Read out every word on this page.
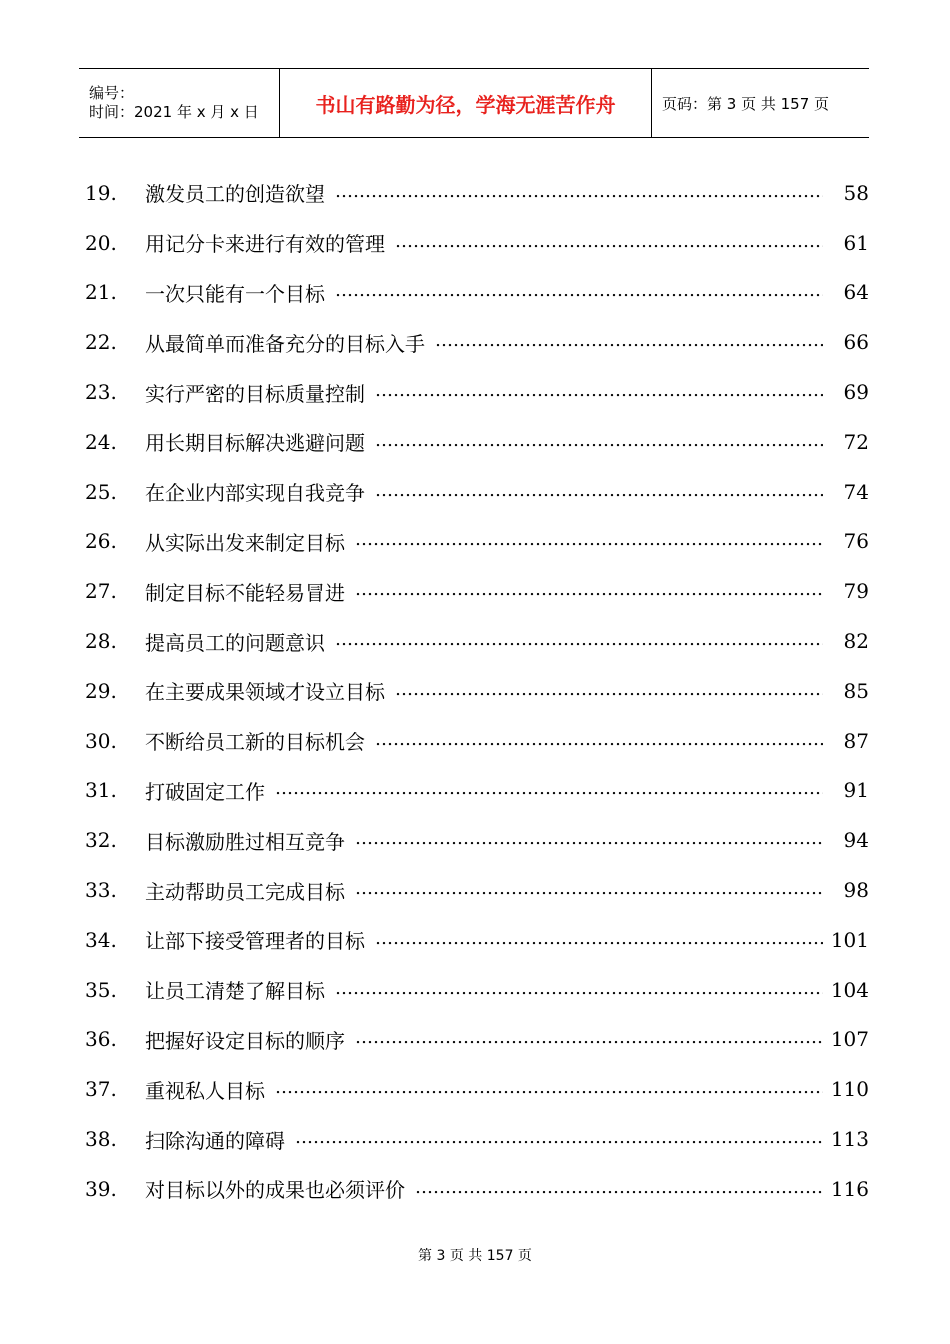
编号：
时间：2021 年 x 月 x 日	书山有路勤为径，学海无涯苦作舟	页码：第 3 页 共 157 页
19.	激发员工的创造欲望 ………………………………………………………………………………………………………………………………………………	58
20.	用记分卡来进行有效的管理 ………………………………………………………………………………………………………………………………………………	61
21.	一次只能有一个目标 ………………………………………………………………………………………………………………………………………………	64
22.	从最简单而准备充分的目标入手 ………………………………………………………………………………………………………………………………………………	66
23.	实行严密的目标质量控制 ………………………………………………………………………………………………………………………………………………	69
24.	用长期目标解决逃避问题 ………………………………………………………………………………………………………………………………………………	72
25.	在企业内部实现自我竞争 ………………………………………………………………………………………………………………………………………………	74
26.	从实际出发来制定目标 ………………………………………………………………………………………………………………………………………………	76
27.	制定目标不能轻易冒进 ………………………………………………………………………………………………………………………………………………	79
28.	提高员工的问题意识 ………………………………………………………………………………………………………………………………………………	82
29.	在主要成果领域才设立目标 ………………………………………………………………………………………………………………………………………………	85
30.	不断给员工新的目标机会 ………………………………………………………………………………………………………………………………………………	87
31.	打破固定工作 ………………………………………………………………………………………………………………………………………………	91
32.	目标激励胜过相互竞争 ………………………………………………………………………………………………………………………………………………	94
33.	主动帮助员工完成目标 ………………………………………………………………………………………………………………………………………………	98
34.	让部下接受管理者的目标 ………………………………………………………………………………………………………………………………………………	101
35.	让员工清楚了解目标 ………………………………………………………………………………………………………………………………………………	104
36.	把握好设定目标的顺序 ………………………………………………………………………………………………………………………………………………	107
37.	重视私人目标 ………………………………………………………………………………………………………………………………………………	110
38.	扫除沟通的障碍 ………………………………………………………………………………………………………………………………………………	113
39.	对目标以外的成果也必须评价 ………………………………………………………………………………………………………………………………………………	116
第 3 页 共 157 页
